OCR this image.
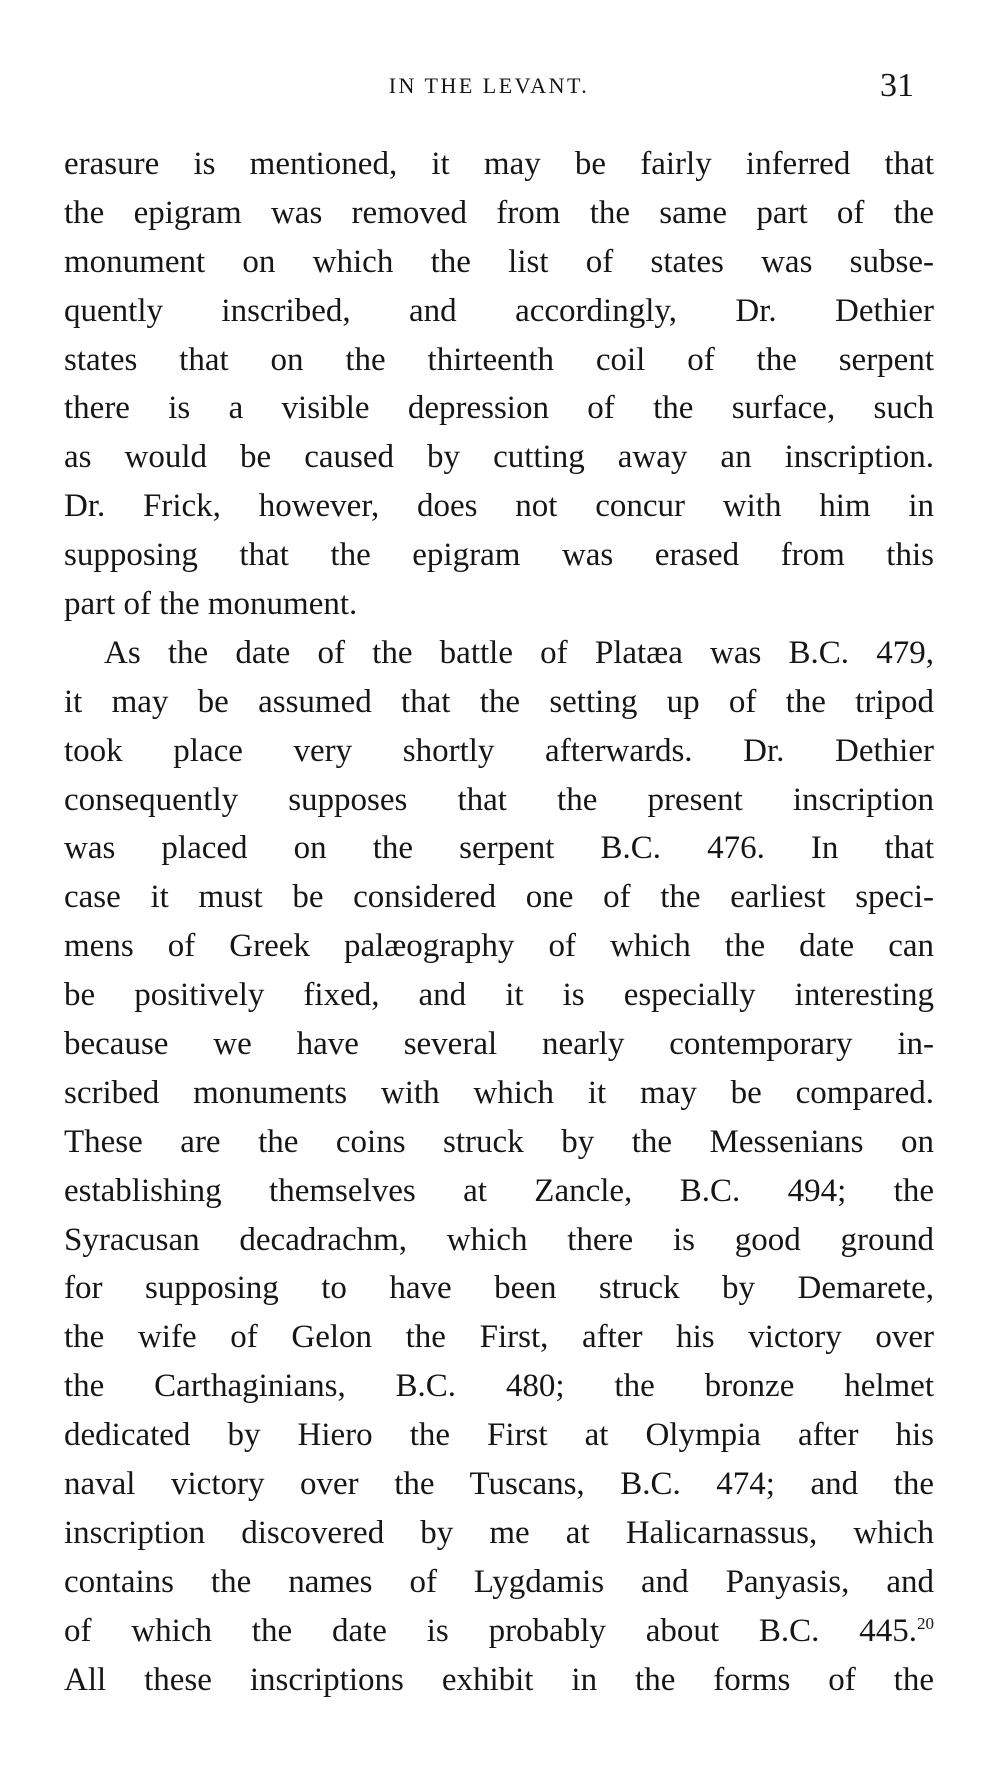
IN THE LEVANT.	31
erasure is mentioned, it may be fairly inferred that
the epigram was removed from the same part of the
monument on which the list of states was subse-
quently inscribed, and accordingly, Dr. Dethier
states that on the thirteenth coil of the serpent
there is a visible depression of the surface, such
as would be caused by cutting away an inscription.
Dr. Frick, however, does not concur with him in
supposing that the epigram was erased from this
part of the monument.
As the date of the battle of Platæa was B.C. 479,
it may be assumed that the setting up of the tripod
took place very shortly afterwards. Dr. Dethier
consequently supposes that the present inscription
was placed on the serpent B.C. 476. In that
case it must be considered one of the earliest speci-
mens of Greek palæography of which the date can
be positively fixed, and it is especially interesting
because we have several nearly contemporary in-
scribed monuments with which it may be compared.
These are the coins struck by the Messenians on
establishing themselves at Zancle, B.C. 494; the
Syracusan decadrachm, which there is good ground
for supposing to have been struck by Demarete,
the wife of Gelon the First, after his victory over
the Carthaginians, B.C. 480; the bronze helmet
dedicated by Hiero the First at Olympia after his
naval victory over the Tuscans, B.C. 474; and the
inscription discovered by me at Halicarnassus, which
contains the names of Lygdamis and Panyasis, and
of which the date is probably about B.C. 445.20
All these inscriptions exhibit in the forms of the
